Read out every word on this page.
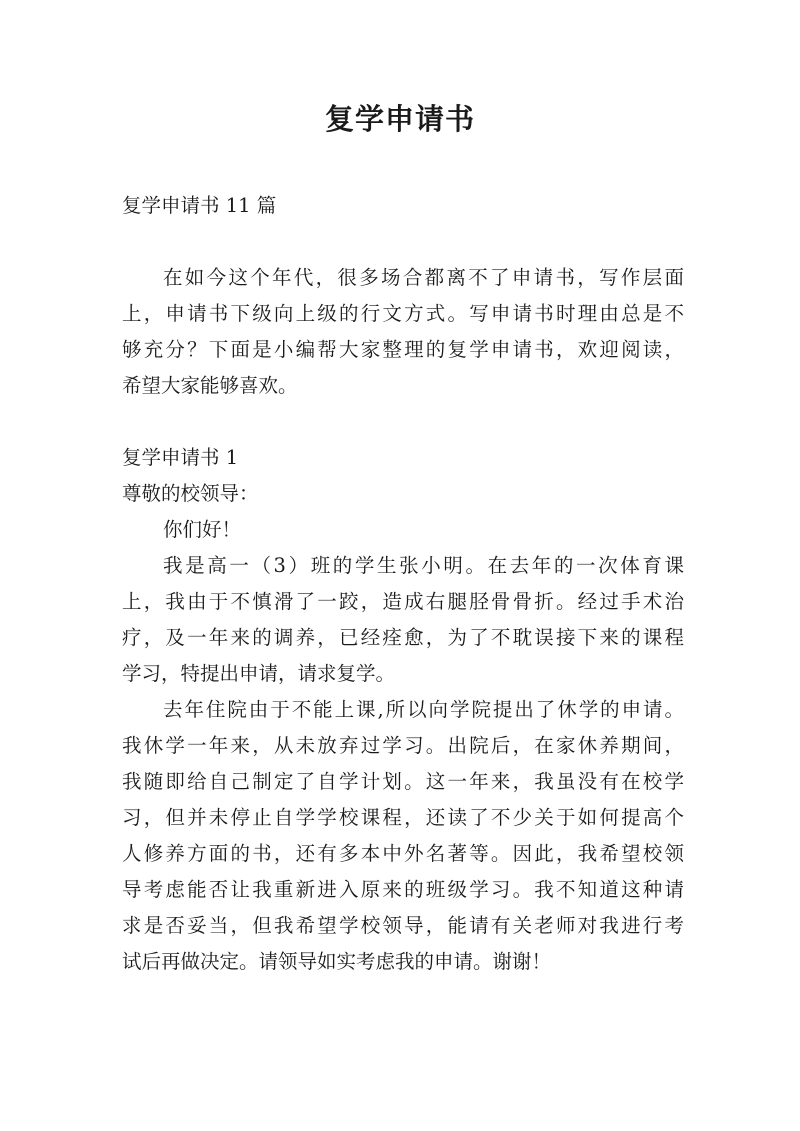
复学申请书
复学申请书 11 篇
在如今这个年代，很多场合都离不了申请书，写作层面
上，申请书下级向上级的行文方式。写申请书时理由总是不
够充分？下面是小编帮大家整理的复学申请书，欢迎阅读，
希望大家能够喜欢。
复学申请书 1
尊敬的校领导：
你们好！
我是高一（3）班的学生张小明。在去年的一次体育课
上，我由于不慎滑了一跤，造成右腿胫骨骨折。经过手术治
疗，及一年来的调养，已经痊愈，为了不耽误接下来的课程
学习，特提出申请，请求复学。
去年住院由于不能上课,所以向学院提出了休学的申请。
我休学一年来，从未放弃过学习。出院后，在家休养期间，
我随即给自己制定了自学计划。这一年来，我虽没有在校学
习，但并未停止自学学校课程，还读了不少关于如何提高个
人修养方面的书，还有多本中外名著等。因此，我希望校领
导考虑能否让我重新进入原来的班级学习。我不知道这种请
求是否妥当，但我希望学校领导，能请有关老师对我进行考
试后再做决定。请领导如实考虑我的申请。谢谢！
